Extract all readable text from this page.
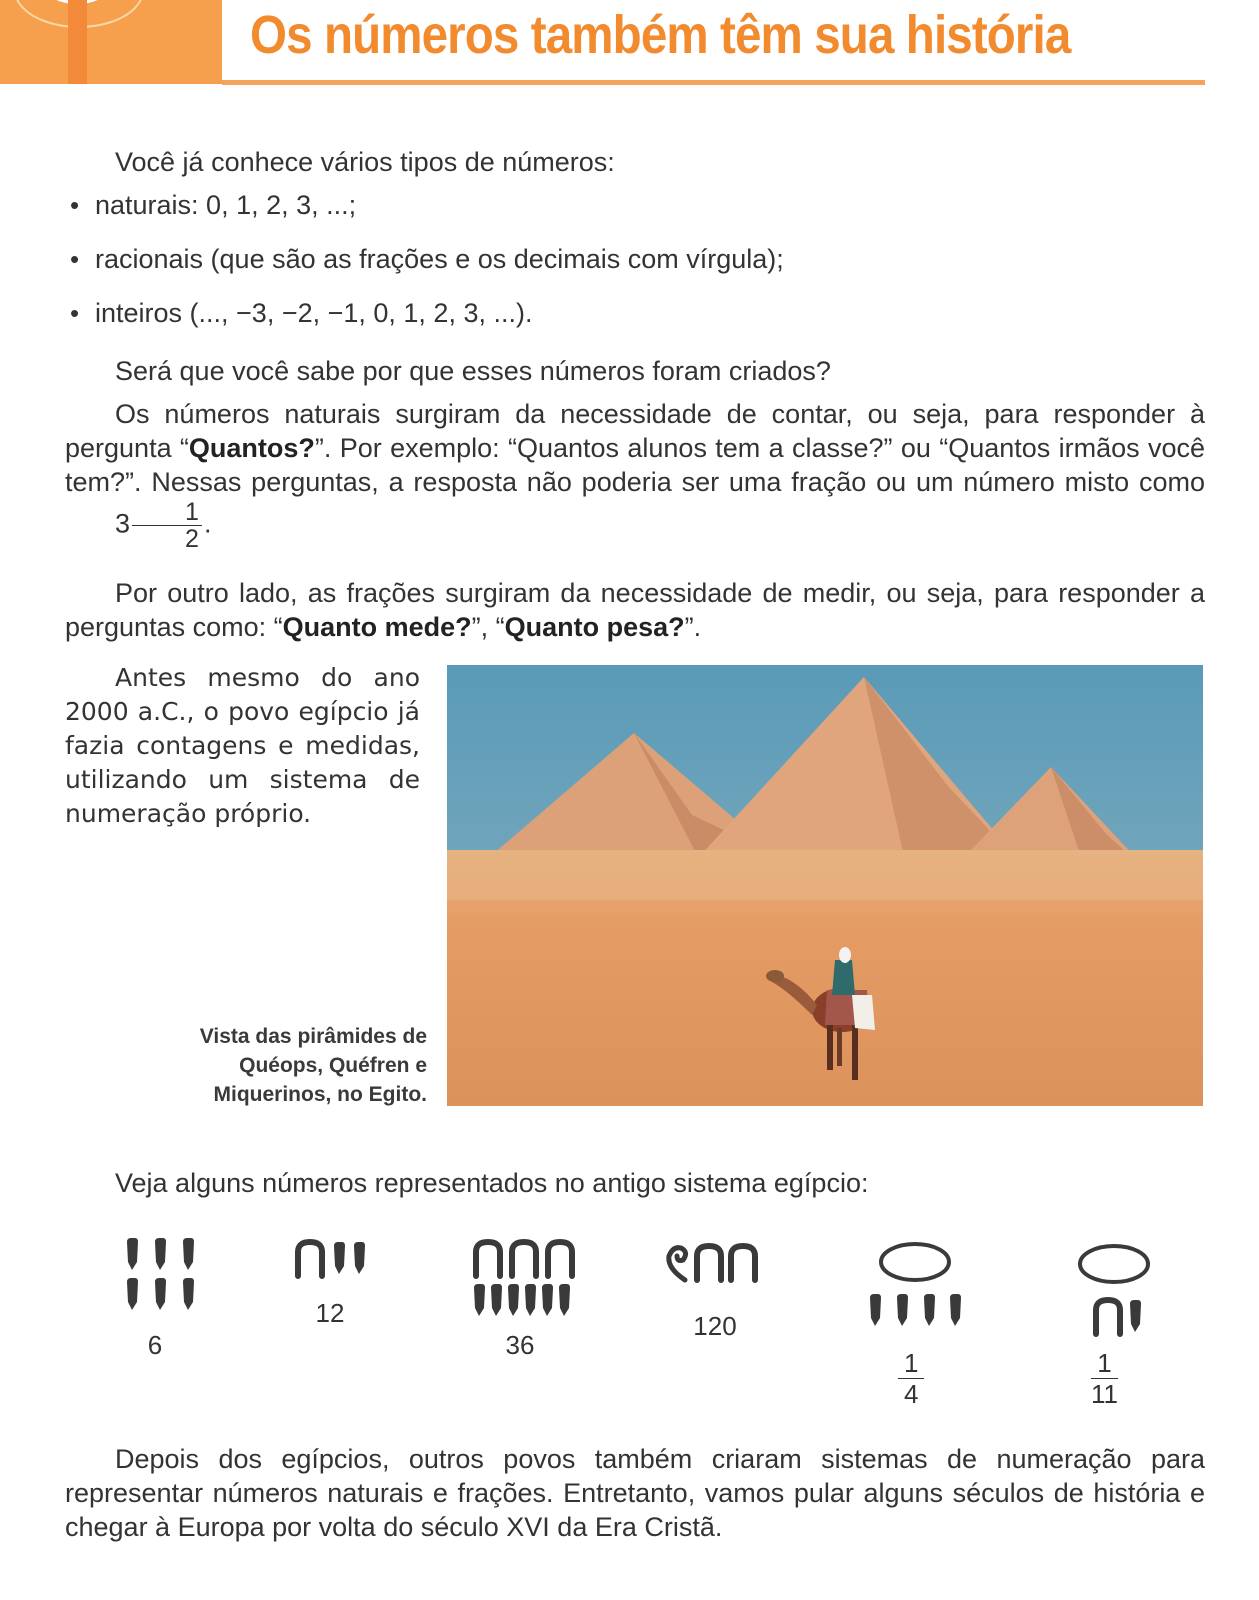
Os números também têm sua história

Você já conhece vários tipos de números:

• naturais: 0, 1, 2, 3, ...;
• racionais (que são as frações e os decimais com vírgula);
• inteiros (..., −3, −2, −1, 0, 1, 2, 3, ...).

Será que você sabe por que esses números foram criados?

Os números naturais surgiram da necessidade de contar, ou seja, para responder à pergunta “Quantos?”. Por exemplo: “Quantos alunos tem a classe?” ou “Quantos irmãos você tem?”. Nessas perguntas, a resposta não poderia ser uma fração ou um número misto como $3 \frac{1}{2}$ .

Por outro lado, as frações surgiram da necessidade de medir, ou seja, para responder a perguntas como: “Quanto mede?”, “Quanto pesa?”.

Antes mesmo do ano 2000 a.C., o povo egípcio já fazia contagens e medidas, utilizando um sistema de numeração próprio.

Vista das pirâmides de
Quéops, Quéfren e
Miquerinos, no Egito.

Veja alguns números representados no antigo sistema egípcio:

6
12
36
120
$\frac{1}{4}$	$\frac{1}{11}$

Depois dos egípcios, outros povos também criaram sistemas de numeração para representar números naturais e frações. Entretanto, vamos pular alguns séculos de história e chegar à Europa por volta do século XVI da Era Cristã.
